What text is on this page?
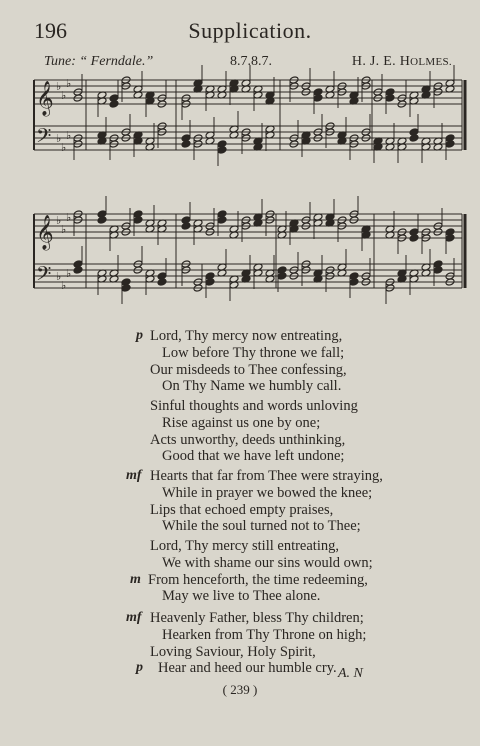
196	Supplication.
Tune: “ Ferndale.”	8.7.8.7.	H. J. E. HOLMES.
𝄞 ♭
♭
♭
𝄢 ♭
♭
♭
𝄞 ♭
♭
♭
𝄢 ♭
♭
♭
p Lord, Thy mercy now entreating,
Low before Thy throne we fall;
Our misdeeds to Thee confessing,
On Thy Name we humbly call.
Sinful thoughts and words unloving
Rise against us one by one;
Acts unworthy, deeds unthinking,
Good that we have left undone;
mf Hearts that far from Thee were straying,
While in prayer we bowed the knee;
Lips that echoed empty praises,
While the soul turned not to Thee;
Lord, Thy mercy still entreating,
We with shame our sins would own;
m From henceforth, the time redeeming,
May we live to Thee alone.
mf Heavenly Father, bless Thy children;
Hearken from Thy Throne on high;
Loving Saviour, Holy Spirit,
p Hear and heed our humble cry. A. N
( 239 )
